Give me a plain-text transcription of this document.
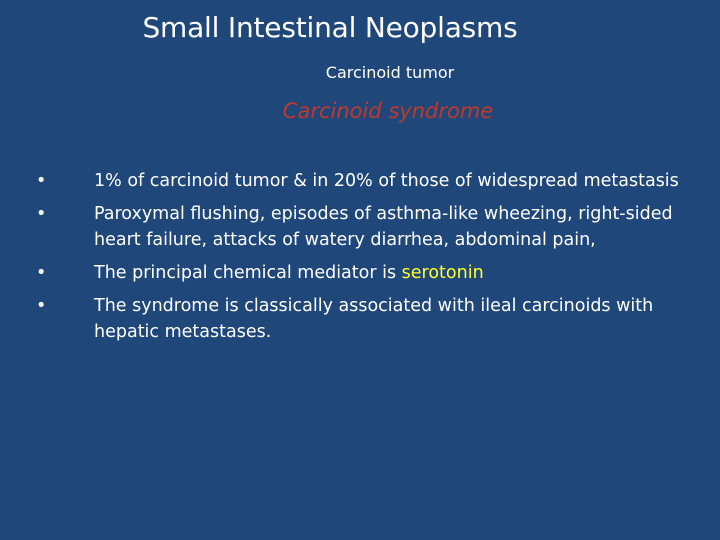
Small Intestinal Neoplasms
Carcinoid tumor
Carcinoid syndrome
•	1% of carcinoid tumor & in 20% of those of widespread metastasis
•	Paroxymal flushing, episodes of asthma-like wheezing, right-sided heart failure, attacks of watery diarrhea, abdominal pain,
•	The principal chemical mediator is serotonin
•	The syndrome is classically associated with ileal carcinoids with hepatic metastases.
